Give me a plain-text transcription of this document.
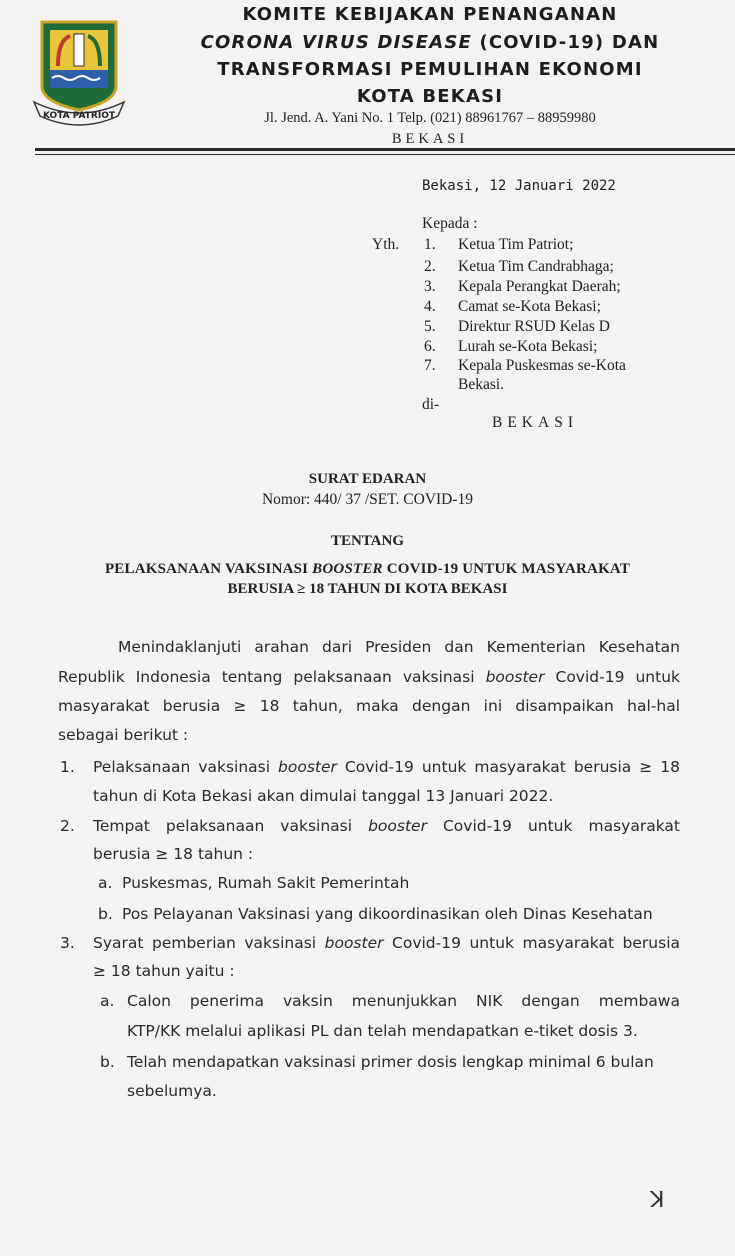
KOTA PATRIOT
KOMITE KEBIJAKAN PENANGANAN
CORONA VIRUS DISEASE (COVID-19) DAN
TRANSFORMASI PEMULIHAN EKONOMI
KOTA BEKASI
Jl. Jend. A. Yani No. 1 Telp. (021) 88961767 – 88959980
BEKASI
Bekasi, 12 Januari 2022
Kepada :
Yth. 1. Ketua Tim Patriot;
2. Ketua Tim Candrabhaga;
3. Kepala Perangkat Daerah;
4. Camat se-Kota Bekasi;
5. Direktur RSUD Kelas D
6. Lurah se-Kota Bekasi;
7. Kepala Puskesmas se-Kota
Bekasi.
di-
BEKASI
SURAT EDARAN
Nomor: 440/ 37 /SET. COVID-19
TENTANG
PELAKSANAAN VAKSINASI BOOSTER COVID-19 UNTUK MASYARAKAT
BERUSIA ≥ 18 TAHUN DI KOTA BEKASI
Menindaklanjuti arahan dari Presiden dan Kementerian Kesehatan
Republik Indonesia tentang pelaksanaan vaksinasi booster Covid-19 untuk
masyarakat berusia ≥ 18 tahun, maka dengan ini disampaikan hal-hal
sebagai berikut :
1. Pelaksanaan vaksinasi booster Covid-19 untuk masyarakat berusia ≥ 18
tahun di Kota Bekasi akan dimulai tanggal 13 Januari 2022.
2. Tempat pelaksanaan vaksinasi booster Covid-19 untuk masyarakat
berusia ≥ 18 tahun :
a. Puskesmas, Rumah Sakit Pemerintah
b. Pos Pelayanan Vaksinasi yang dikoordinasikan oleh Dinas Kesehatan
3. Syarat pemberian vaksinasi booster Covid-19 untuk masyarakat berusia
≥ 18 tahun yaitu :
a. Calon penerima vaksin menunjukkan NIK dengan membawa
KTP/KK melalui aplikasi PL dan telah mendapatkan e-tiket dosis 3.
b. Telah mendapatkan vaksinasi primer dosis lengkap minimal 6 bulan
sebelumya.
ꓘ
